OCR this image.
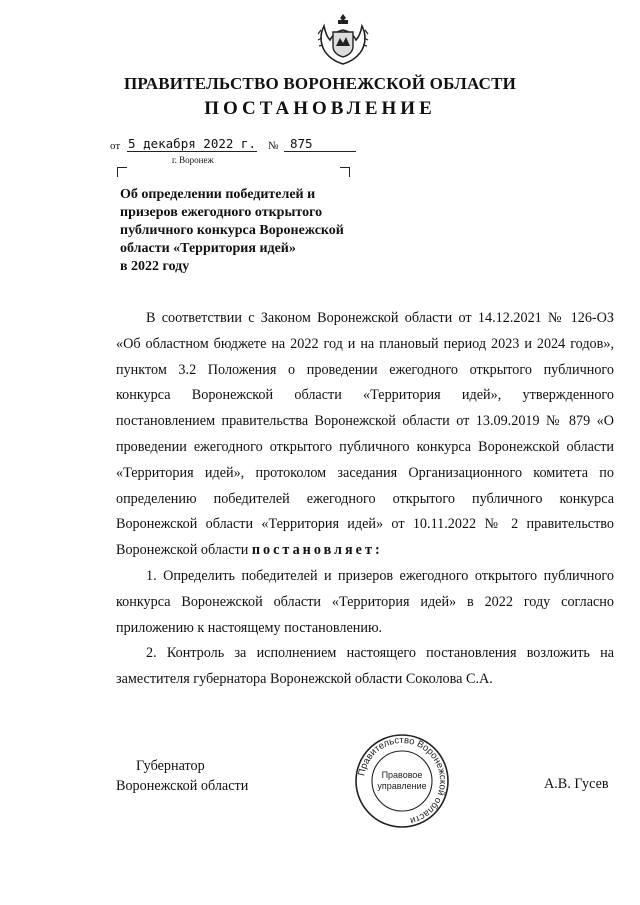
ПРАВИТЕЛЬСТВО ВОРОНЕЖСКОЙ ОБЛАСТИ
ПОСТАНОВЛЕНИЕ
от 5 декабря 2022 г. № 875
г. Воронеж
Об определении победителей и
призеров ежегодного открытого
публичного конкурса Воронежской
области «Территория идей»
в 2022 году

В соответствии с Законом Воронежской области от 14.12.2021 № 126-ОЗ «Об областном бюджете на 2022 год и на плановый период 2023 и 2024 годов», пунктом 3.2 Положения о проведении ежегодного открытого публичного конкурса Воронежской области «Территория идей», утвержденного постановлением правительства Воронежской области от 13.09.2019 № 879 «О проведении ежегодного открытого публичного конкурса Воронежской области «Территория идей», протоколом заседания Организационного комитета по определению победителей ежегодного открытого публичного конкурса Воронежской области «Территория идей» от 10.11.2022 № 2 правительство Воронежской области постановляет:

1. Определить победителей и призеров ежегодного открытого публичного конкурса Воронежской области «Территория идей» в 2022 году согласно приложению к настоящему постановлению.

2. Контроль за исполнением настоящего постановления возложить на заместителя губернатора Воронежской области Соколова С.А.

Губернатор
Воронежской области
Правительство Воронежской области
Правовое
управление	А.В. Гусев
